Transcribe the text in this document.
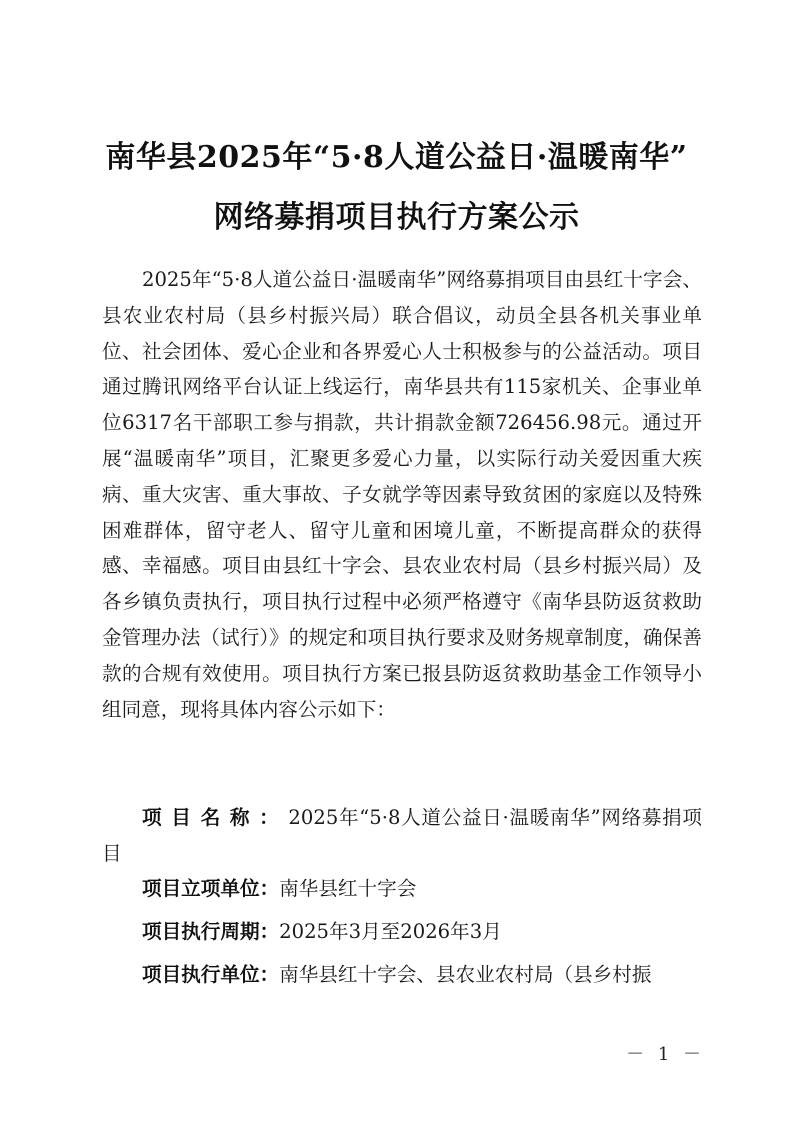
南华县2025年“5·8人道公益日·温暖南华”
网络募捐项目执行方案公示

2025年“5·8人道公益日·温暖南华”网络募捐项目由县红十字会、县农业农村局（县乡村振兴局）联合倡议，动员全县各机关事业单位、社会团体、爱心企业和各界爱心人士积极参与的公益活动。项目通过腾讯网络平台认证上线运行，南华县共有115家机关、企事业单位6317名干部职工参与捐款，共计捐款金额726456.98元。通过开展“温暖南华”项目，汇聚更多爱心力量，以实际行动关爱因重大疾病、重大灾害、重大事故、子女就学等因素导致贫困的家庭以及特殊困难群体，留守老人、留守儿童和困境儿童，不断提高群众的获得感、幸福感。项目由县红十字会、县农业农村局（县乡村振兴局）及各乡镇负责执行，项目执行过程中必须严格遵守《南华县防返贫救助金管理办法（试行）》的规定和项目执行要求及财务规章制度，确保善款的合规有效使用。项目执行方案已报县防返贫救助基金工作领导小组同意，现将具体内容公示如下：

项目名称：2025年“5·8人道公益日·温暖南华”网络募捐项目

项目立项单位：南华县红十字会

项目执行周期：2025年3月至2026年3月

项目执行单位：南华县红十字会、县农业农村局（县乡村振

－ 1 －
